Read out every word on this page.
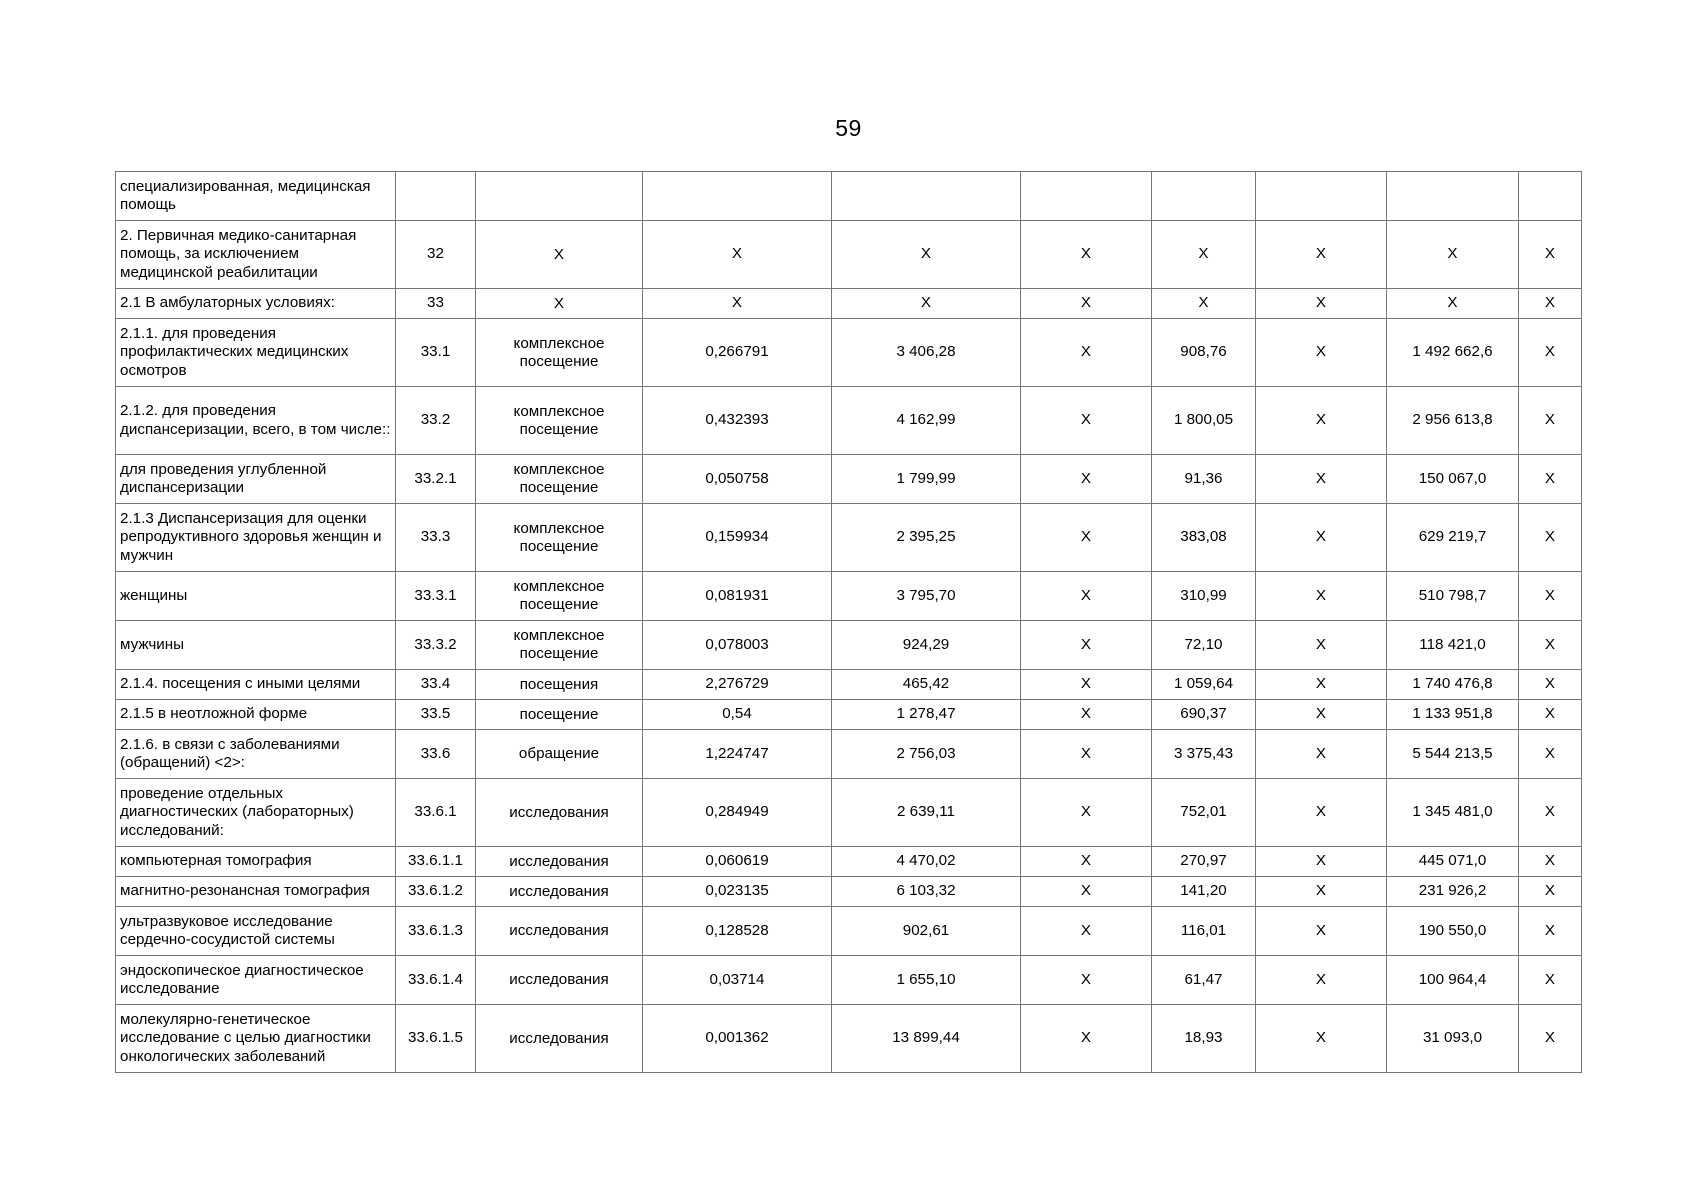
59
специализированная, медицинская помощь									
2. Первичная медико-санитарная помощь, за исключением медицинской реабилитации	32	Х	Х	Х	Х	Х	Х	Х	Х
2.1 В амбулаторных условиях:	33	Х	Х	Х	Х	Х	Х	Х	Х
2.1.1. для проведения профилактических медицинских осмотров	33.1	комплексное посещение	0,266791	3 406,28	Х	908,76	Х	1 492 662,6	Х
2.1.2. для проведения диспансеризации, всего, в том числе::	33.2	комплексное посещение	0,432393	4 162,99	Х	1 800,05	Х	2 956 613,8	Х
для проведения углубленной диспансеризации	33.2.1	комплексное посещение	0,050758	1 799,99	Х	91,36	Х	150 067,0	Х
2.1.3 Диспансеризация для оценки репродуктивного здоровья женщин и мужчин	33.3	комплексное посещение	0,159934	2 395,25	Х	383,08	Х	629 219,7	Х
женщины	33.3.1	комплексное посещение	0,081931	3 795,70	Х	310,99	Х	510 798,7	Х
мужчины	33.3.2	комплексное посещение	0,078003	924,29	Х	72,10	Х	118 421,0	Х
2.1.4. посещения с иными целями	33.4	посещения	2,276729	465,42	Х	1 059,64	Х	1 740 476,8	Х
2.1.5 в неотложной форме	33.5	посещение	0,54	1 278,47	Х	690,37	Х	1 133 951,8	Х
2.1.6. в связи с заболеваниями (обращений) <2>:	33.6	обращение	1,224747	2 756,03	Х	3 375,43	Х	5 544 213,5	Х
проведение отдельных диагностических (лабораторных) исследований:	33.6.1	исследования	0,284949	2 639,11	Х	752,01	Х	1 345 481,0	Х
компьютерная томография	33.6.1.1	исследования	0,060619	4 470,02	Х	270,97	Х	445 071,0	Х
магнитно-резонансная томография	33.6.1.2	исследования	0,023135	6 103,32	Х	141,20	Х	231 926,2	Х
ультразвуковое исследование сердечно-сосудистой системы	33.6.1.3	исследования	0,128528	902,61	Х	116,01	Х	190 550,0	Х
эндоскопическое диагностическое исследование	33.6.1.4	исследования	0,03714	1 655,10	Х	61,47	Х	100 964,4	Х
молекулярно-генетическое исследование с целью диагностики онкологических заболеваний	33.6.1.5	исследования	0,001362	13 899,44	Х	18,93	Х	31 093,0	Х
